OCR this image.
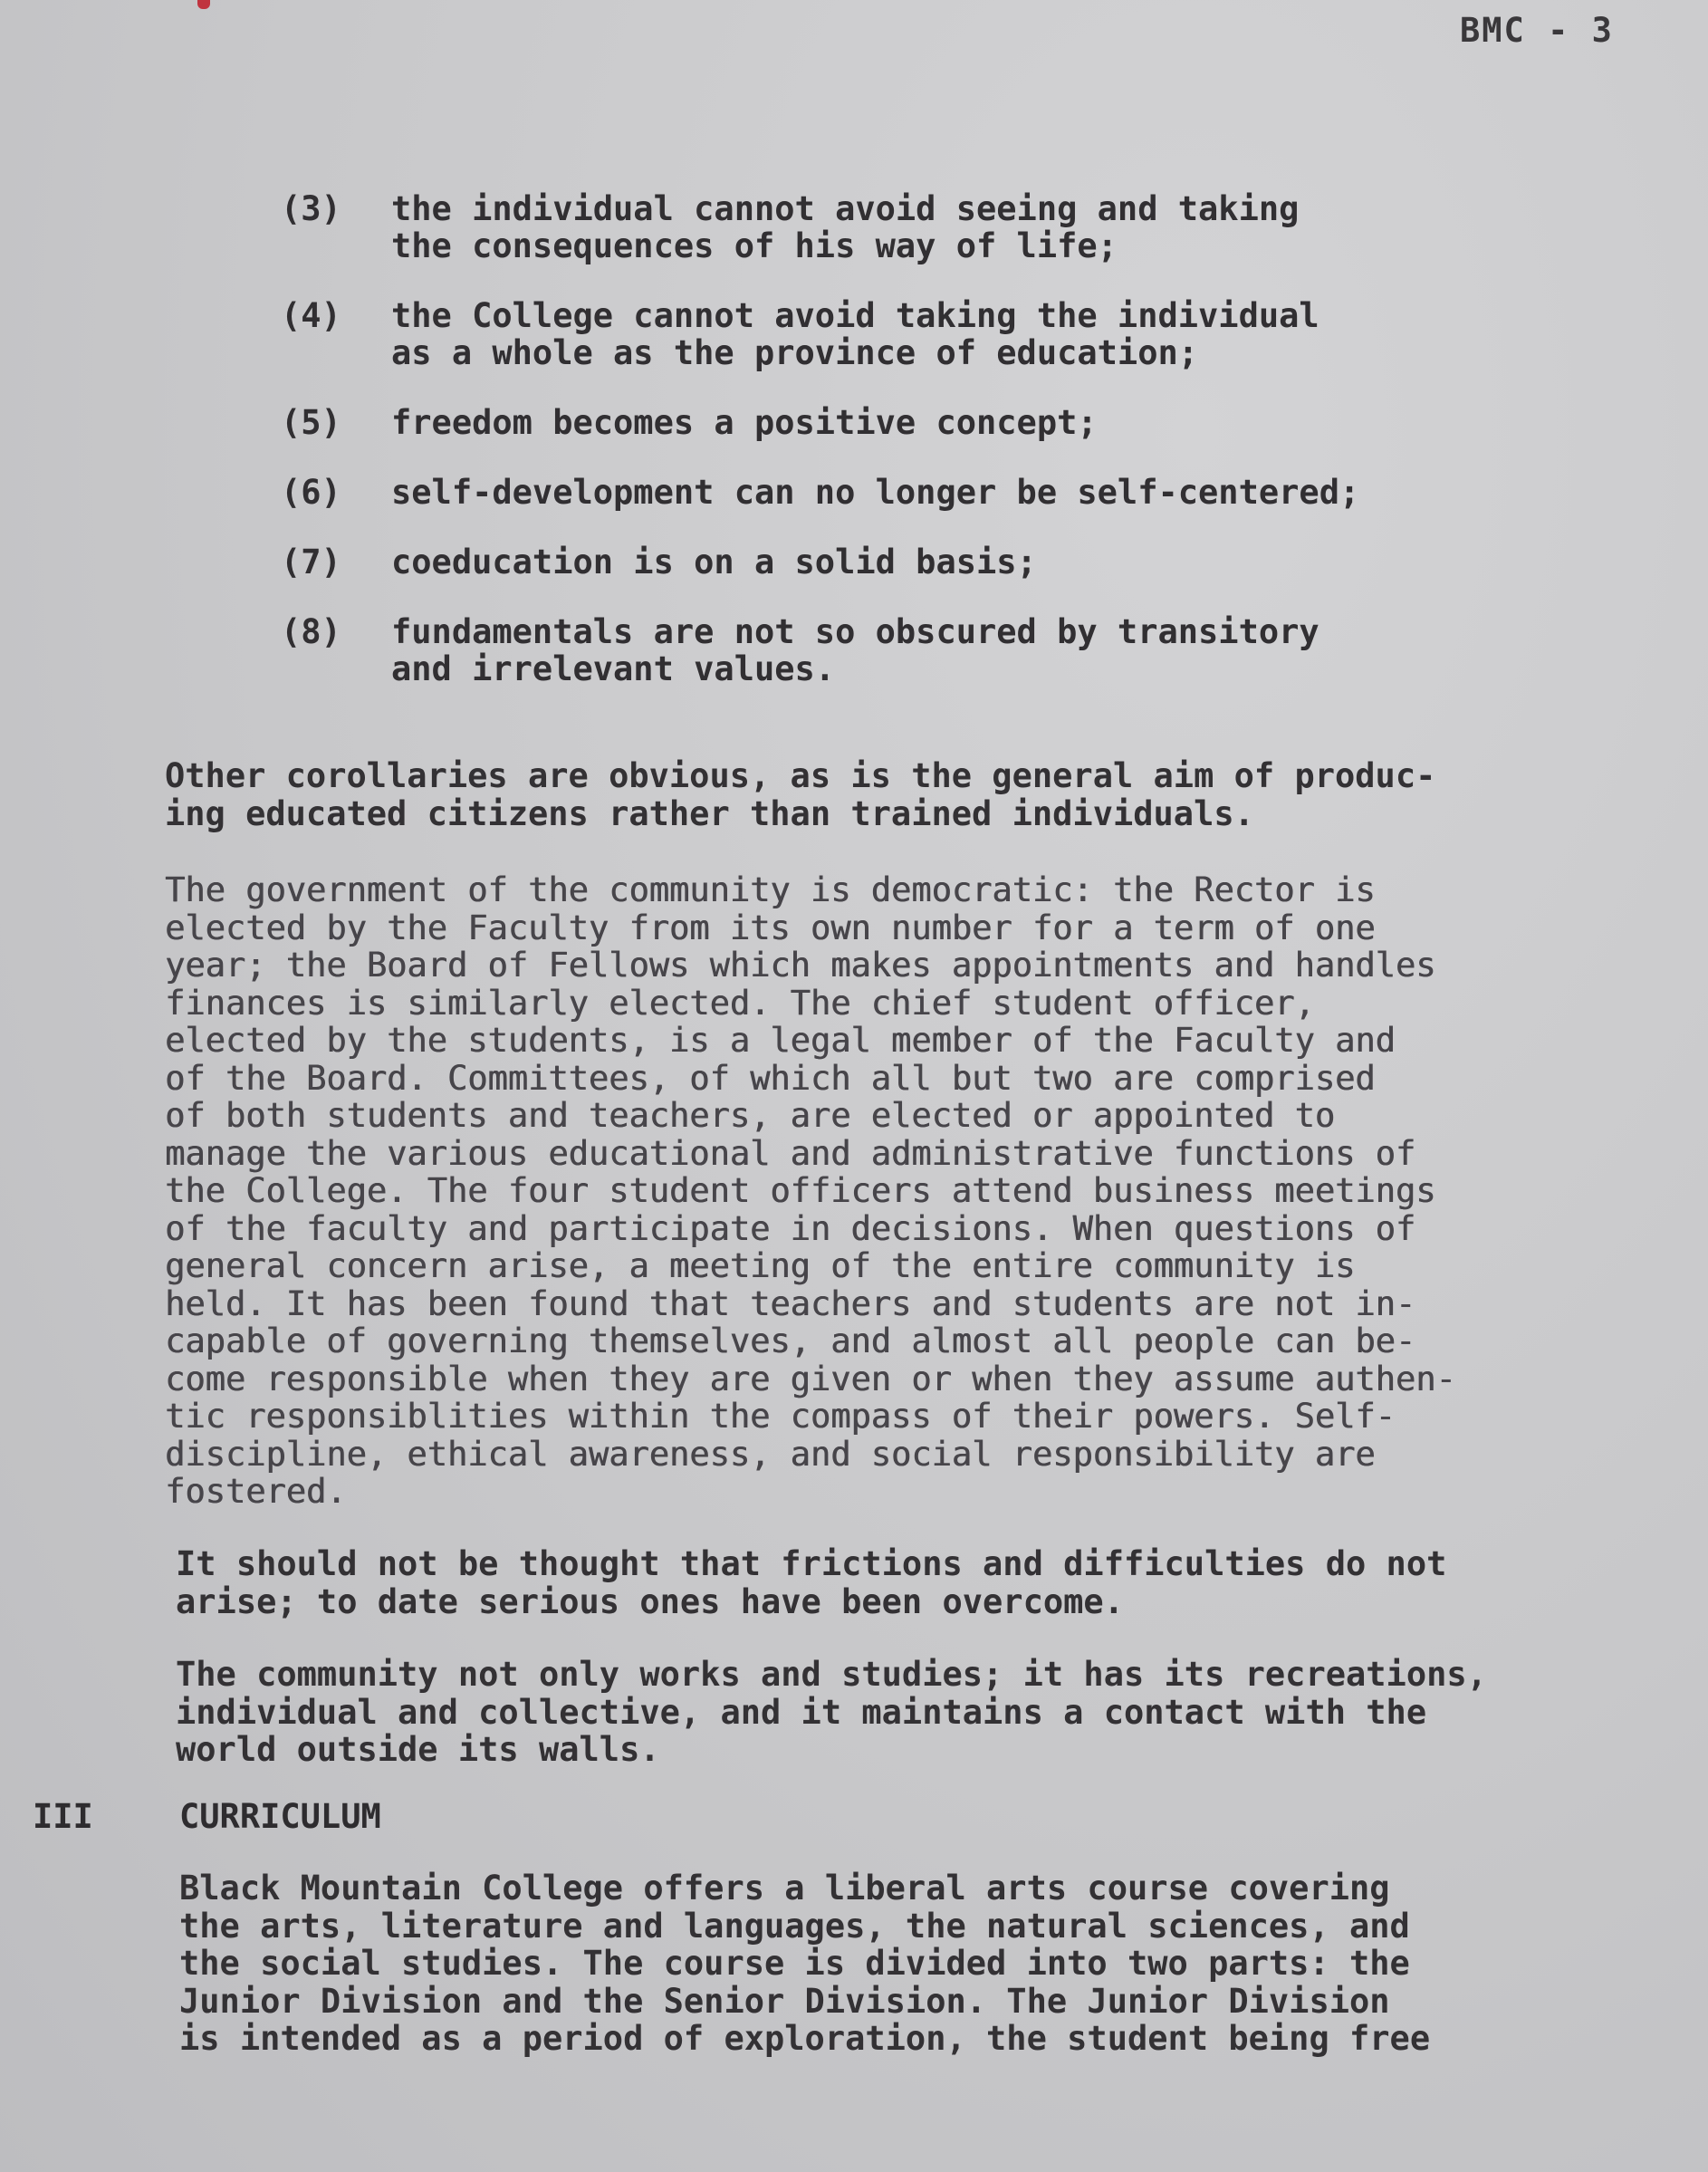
BMC - 3
(3)	the individual cannot avoid seeing and taking
the consequences of his way of life;
(4)	the College cannot avoid taking the individual
as a whole as the province of education;
(5)	freedom becomes a positive concept;
(6)	self-development can no longer be self-centered;
(7)	coeducation is on a solid basis;
(8)	fundamentals are not so obscured by transitory
and irrelevant values.

Other corollaries are obvious, as is the general aim of produc-
ing educated citizens rather than trained individuals.

The government of the community is democratic: the Rector is
elected by the Faculty from its own number for a term of one
year; the Board of Fellows which makes appointments and handles
finances is similarly elected. The chief student officer,
elected by the students, is a legal member of the Faculty and
of the Board. Committees, of which all but two are comprised
of both students and teachers, are elected or appointed to
manage the various educational and administrative functions of
the College. The four student officers attend business meetings
of the faculty and participate in decisions. When questions of
general concern arise, a meeting of the entire community is
held. It has been found that teachers and students are not in-
capable of governing themselves, and almost all people can be-
come responsible when they are given or when they assume authen-
tic responsiblities within the compass of their powers. Self-
discipline, ethical awareness, and social responsibility are
fostered.

It should not be thought that frictions and difficulties do not
arise; to date serious ones have been overcome.

The community not only works and studies; it has its recreations,
individual and collective, and it maintains a contact with the
world outside its walls.

III	CURRICULUM

Black Mountain College offers a liberal arts course covering
the arts, literature and languages, the natural sciences, and
the social studies. The course is divided into two parts: the
Junior Division and the Senior Division. The Junior Division
is intended as a period of exploration, the student being free
